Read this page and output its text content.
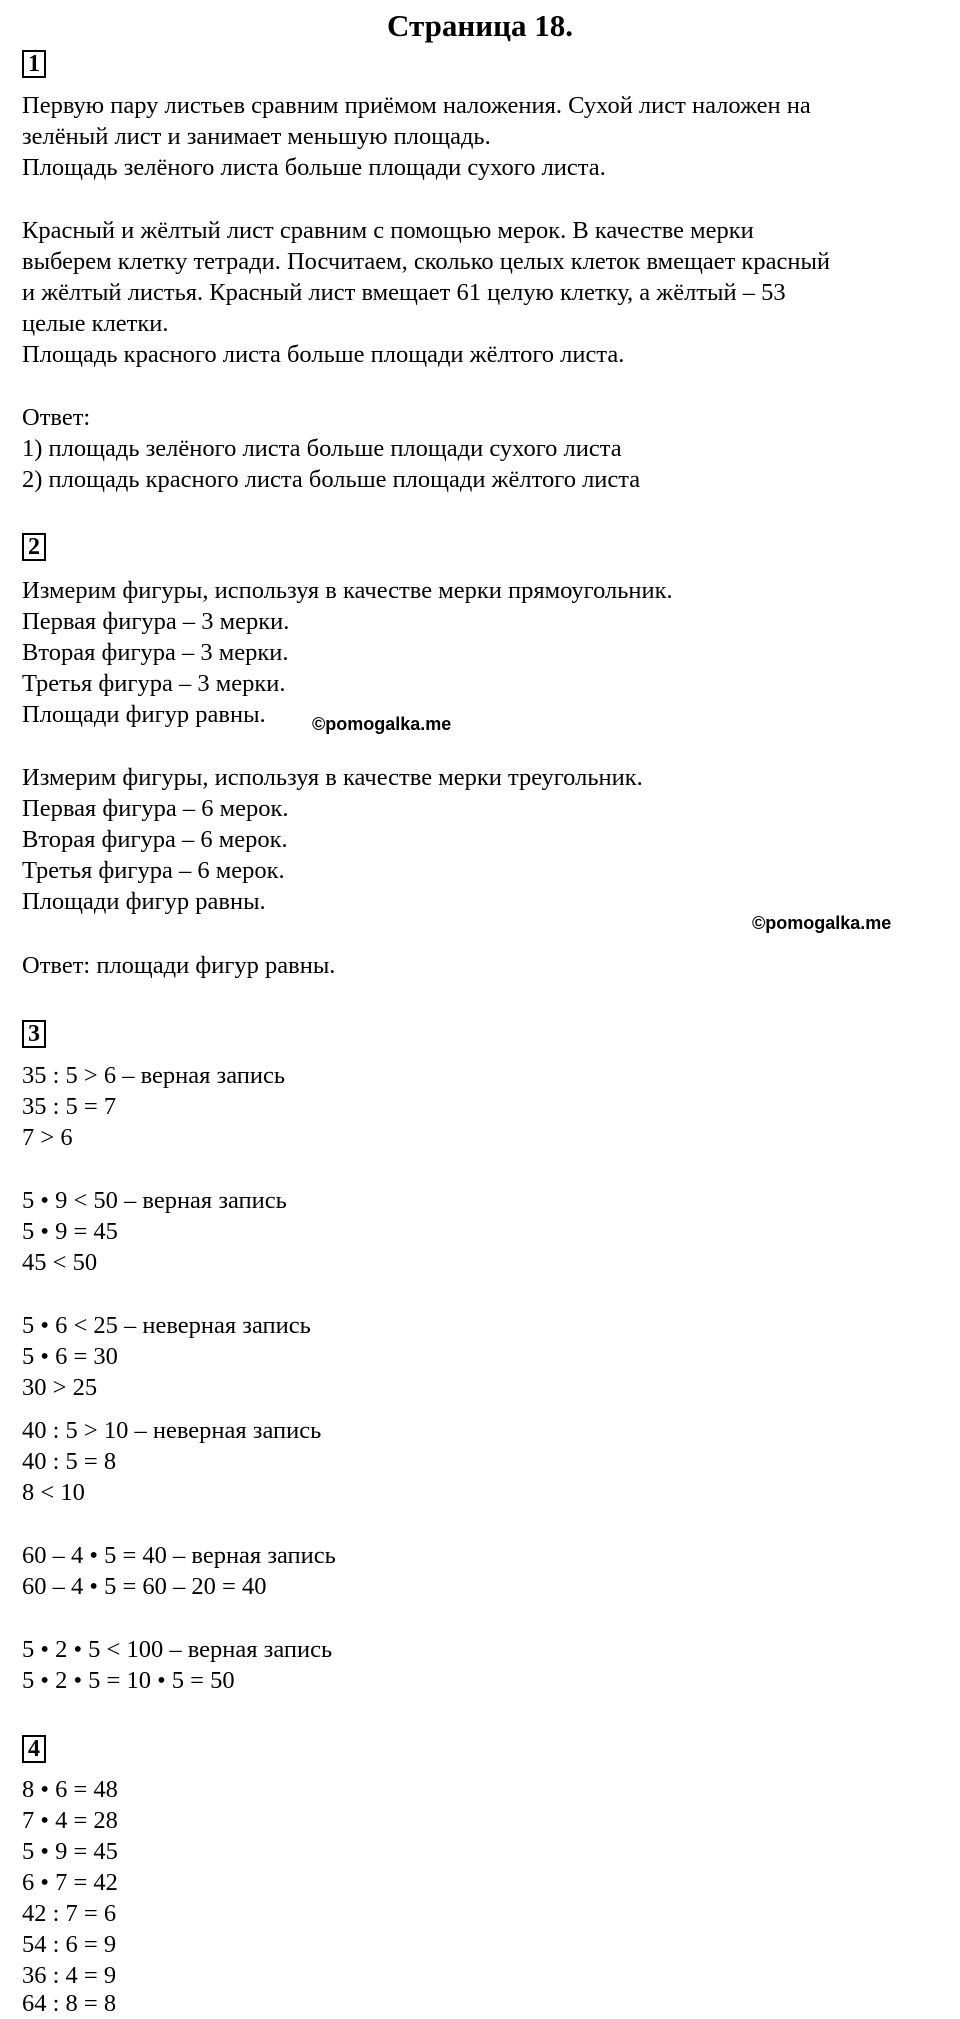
Страница 18.
1
Первую пару листьев сравним приёмом наложения. Сухой лист наложен на
зелёный лист и занимает меньшую площадь.
Площадь зелёного листа больше площади сухого листа.
Красный и жёлтый лист сравним с помощью мерок. В качестве мерки
выберем клетку тетради. Посчитаем, сколько целых клеток вмещает красный
и жёлтый листья. Красный лист вмещает 61 целую клетку, а жёлтый – 53
целые клетки.
Площадь красного листа больше площади жёлтого листа.
Ответ:
1) площадь зелёного листа больше площади сухого листа
2) площадь красного листа больше площади жёлтого листа
2
Измерим фигуры, используя в качестве мерки прямоугольник.
Первая фигура – 3 мерки.
Вторая фигура – 3 мерки.
Третья фигура – 3 мерки.
Площади фигур равны.	©pomogalka.me
Измерим фигуры, используя в качестве мерки треугольник.
Первая фигура – 6 мерок.
Вторая фигура – 6 мерок.
Третья фигура – 6 мерок.
Площади фигур равны.
©pomogalka.me
Ответ: площади фигур равны.
3
35 : 5 > 6 – верная запись
35 : 5 = 7
7 > 6
5 • 9 < 50 – верная запись
5 • 9 = 45
45 < 50
5 • 6 < 25 – неверная запись
5 • 6 = 30
30 > 25
40 : 5 > 10 – неверная запись
40 : 5 = 8
8 < 10
60 – 4 • 5 = 40 – верная запись
60 – 4 • 5 = 60 – 20 = 40
5 • 2 • 5 < 100 – верная запись
5 • 2 • 5 = 10 • 5 = 50
4
8 • 6 = 48
7 • 4 = 28
5 • 9 = 45
6 • 7 = 42
42 : 7 = 6
54 : 6 = 9
36 : 4 = 9
64 : 8 = 8
